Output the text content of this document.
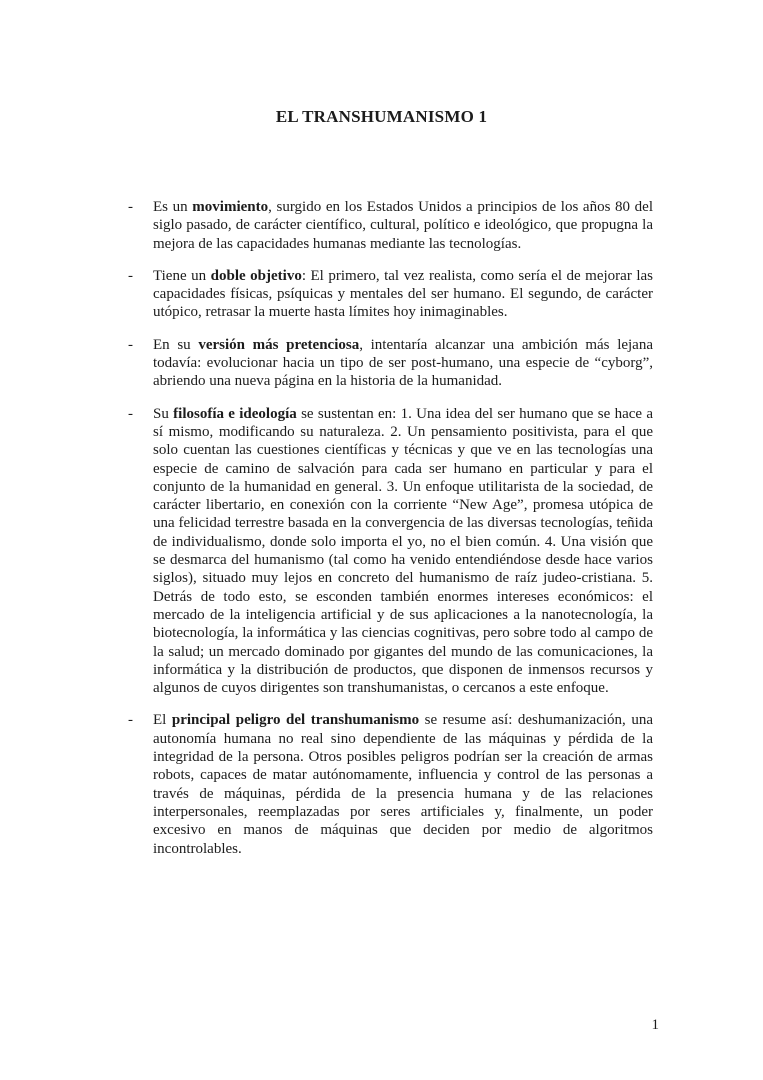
EL TRANSHUMANISMO 1
-	Es un movimiento, surgido en los Estados Unidos a principios de los años 80 del siglo pasado, de carácter científico, cultural, político e ideológico, que propugna la mejora de las capacidades humanas mediante las tecnologías.
-	Tiene un doble objetivo: El primero, tal vez realista, como sería el de mejorar las capacidades físicas, psíquicas y mentales del ser humano. El segundo, de carácter utópico, retrasar la muerte hasta límites hoy inimaginables.
-	En su versión más pretenciosa, intentaría alcanzar una ambición más lejana todavía: evolucionar hacia un tipo de ser post-humano, una especie de “cyborg”, abriendo una nueva página en la historia de la humanidad.
-	Su filosofía e ideología se sustentan en: 1. Una idea del ser humano que se hace a sí mismo, modificando su naturaleza. 2. Un pensamiento positivista, para el que solo cuentan las cuestiones científicas y técnicas y que ve en las tecnologías una especie de camino de salvación para cada ser humano en particular y para el conjunto de la humanidad en general. 3. Un enfoque utilitarista de la sociedad, de carácter libertario, en conexión con la corriente “New Age”, promesa utópica de una felicidad terrestre basada en la convergencia de las diversas tecnologías, teñida de individualismo, donde solo importa el yo, no el bien común. 4. Una visión que se desmarca del humanismo (tal como ha venido entendiéndose desde hace varios siglos), situado muy lejos en concreto del humanismo de raíz judeo-cristiana. 5. Detrás de todo esto, se esconden también enormes intereses económicos: el mercado de la inteligencia artificial y de sus aplicaciones a la nanotecnología, la biotecnología, la informática y las ciencias cognitivas, pero sobre todo al campo de la salud; un mercado dominado por gigantes del mundo de las comunicaciones, la informática y la distribución de productos, que disponen de inmensos recursos y algunos de cuyos dirigentes son transhumanistas, o cercanos a este enfoque.
-	El principal peligro del transhumanismo se resume así: deshumanización, una autonomía humana no real sino dependiente de las máquinas y pérdida de la integridad de la persona. Otros posibles peligros podrían ser la creación de armas robots, capaces de matar autónomamente, influencia y control de las personas a través de máquinas, pérdida de la presencia humana y de las relaciones interpersonales, reemplazadas por seres artificiales y, finalmente, un poder excesivo en manos de máquinas que deciden por medio de algoritmos incontrolables.
1
